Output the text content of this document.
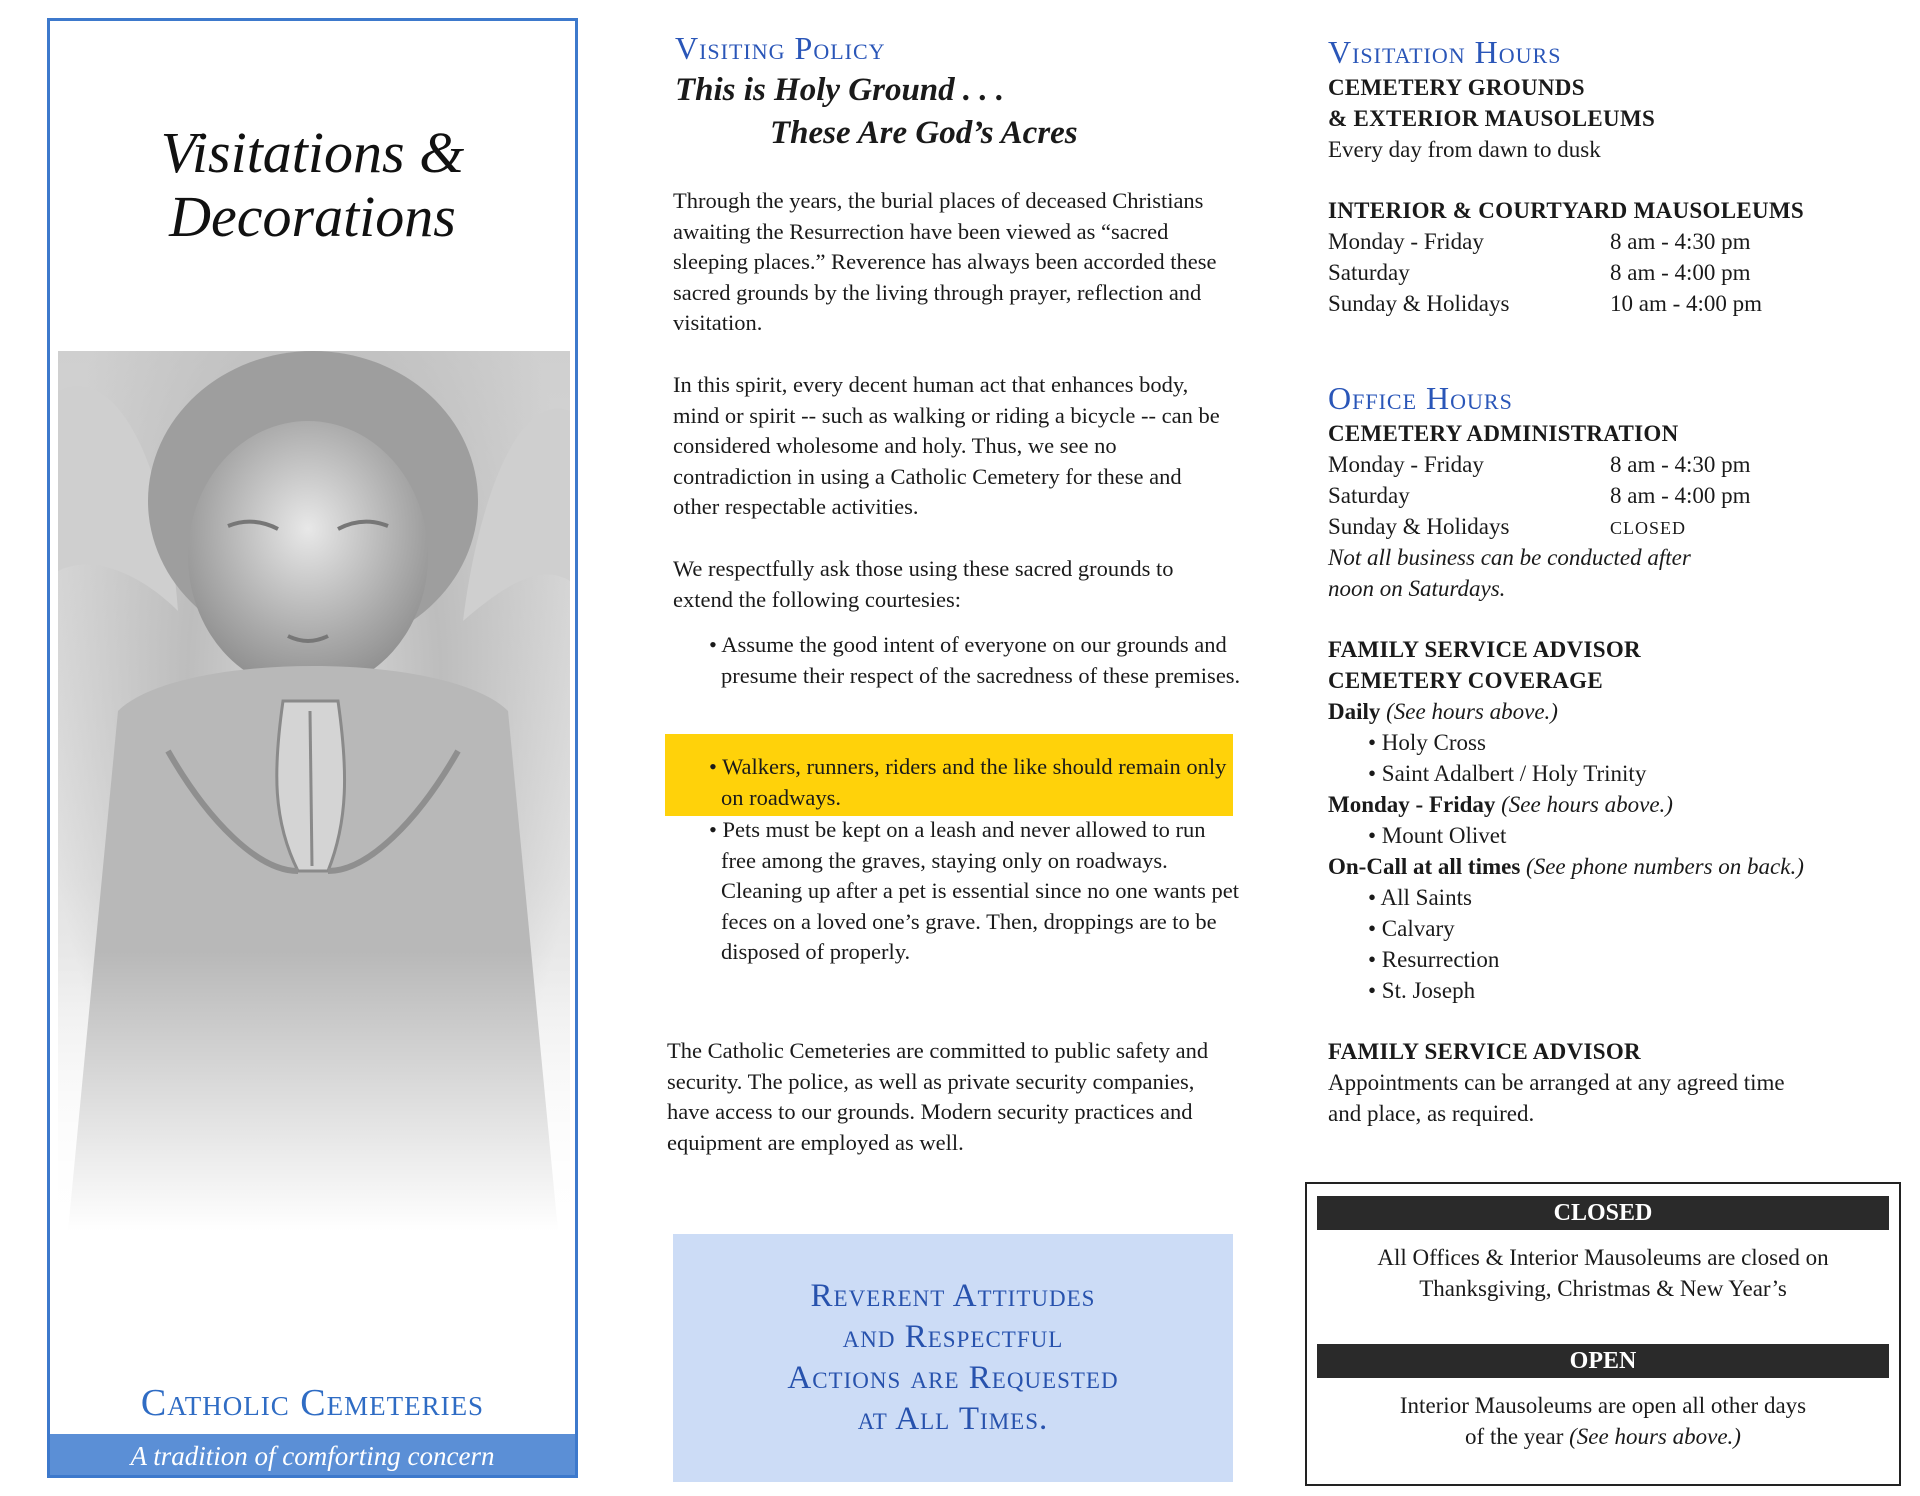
Visitations &
Decorations
Catholic Cemeteries
A tradition of comforting concern
Visiting Policy
This is Holy Ground . . .
These Are God’s Acres
Through the years, the burial places of deceased Christians awaiting the Resurrection have been viewed as “sacred sleeping places.” Reverence has always been accorded these sacred grounds by the living through prayer, reflection and visitation.
In this spirit, every decent human act that enhances body, mind or spirit -- such as walking or riding a bicycle -- can be considered wholesome and holy. Thus, we see no contradiction in using a Catholic Cemetery for these and other respectable activities.
We respectfully ask those using these sacred grounds to extend the following courtesies:
• Assume the good intent of everyone on our grounds and presume their respect of the sacredness of these premises.
• Walkers, runners, riders and the like should remain only on roadways.
• Pets must be kept on a leash and never allowed to run free among the graves, staying only on roadways. Cleaning up after a pet is essential since no one wants pet feces on a loved one’s grave. Then, droppings are to be disposed of properly.
The Catholic Cemeteries are committed to public safety and security. The police, as well as private security companies, have access to our grounds. Modern security practices and equipment are employed as well.
Reverent Attitudes
and Respectful
Actions are Requested
at All Times.
Visitation Hours
CEMETERY GROUNDS
& EXTERIOR MAUSOLEUMS
Every day from dawn to dusk
INTERIOR & COURTYARD MAUSOLEUMS
Monday - Friday	8 am - 4:30 pm
Saturday	8 am - 4:00 pm
Sunday & Holidays	10 am - 4:00 pm
Office Hours
CEMETERY ADMINISTRATION
Monday - Friday	8 am - 4:30 pm
Saturday	8 am - 4:00 pm
Sunday & Holidays	CLOSED
Not all business can be conducted after
noon on Saturdays.
FAMILY SERVICE ADVISOR
CEMETERY COVERAGE
Daily (See hours above.)
• Holy Cross
• Saint Adalbert / Holy Trinity
Monday - Friday (See hours above.)
• Mount Olivet
On-Call at all times (See phone numbers on back.)
• All Saints
• Calvary
• Resurrection
• St. Joseph
FAMILY SERVICE ADVISOR
Appointments can be arranged at any agreed time
and place, as required.
CLOSED
All Offices & Interior Mausoleums are closed on
Thanksgiving, Christmas & New Year’s
OPEN
Interior Mausoleums are open all other days
of the year (See hours above.)
